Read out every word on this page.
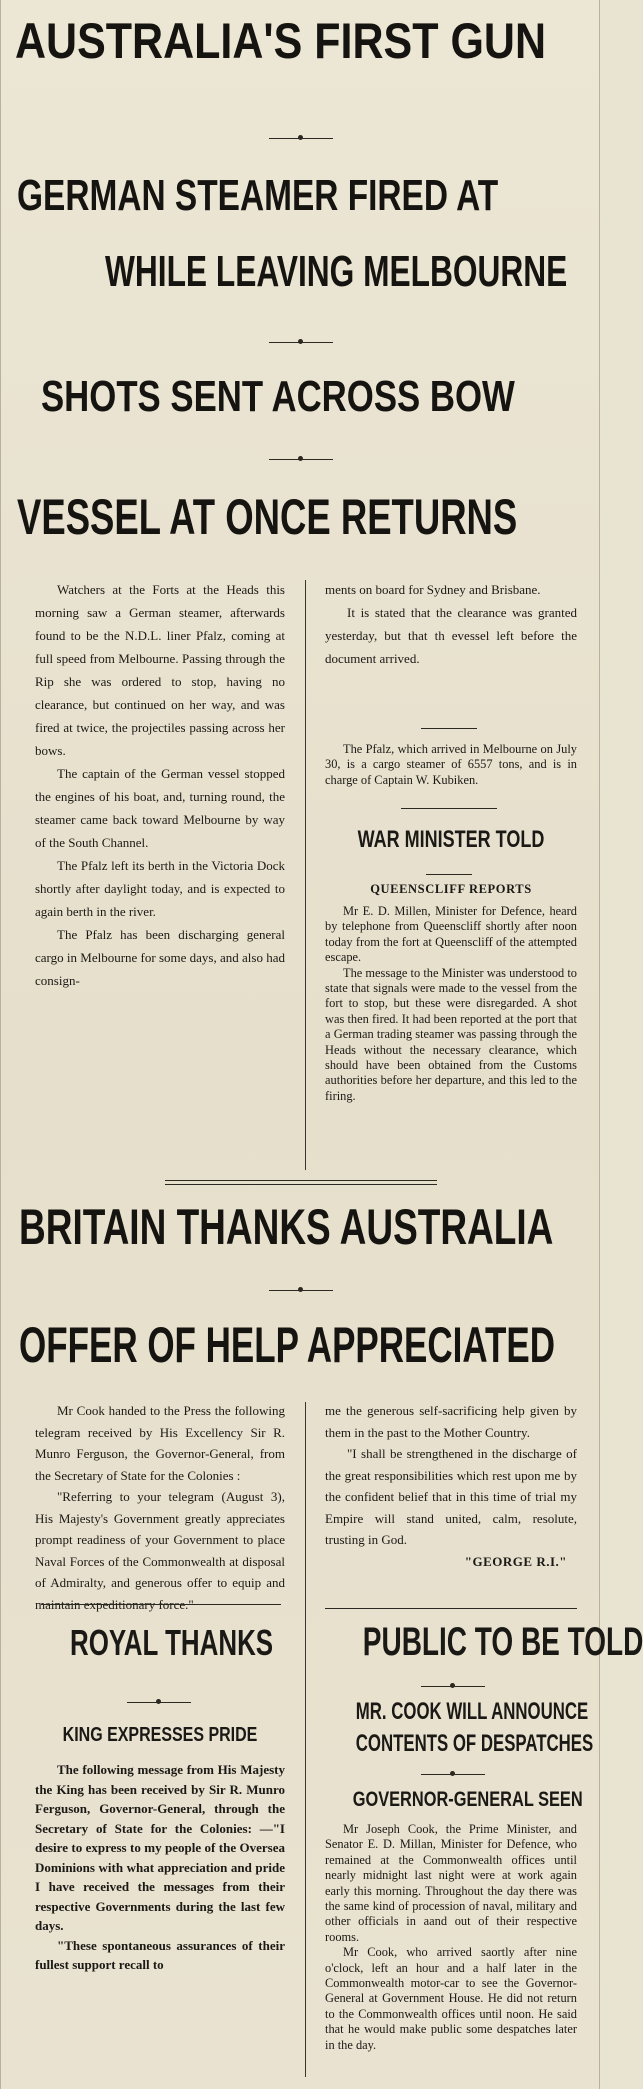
AUSTRALIA'S FIRST GUN
GERMAN STEAMER FIRED AT
WHILE LEAVING MELBOURNE
SHOTS SENT ACROSS BOW
VESSEL AT ONCE RETURNS

Watchers at the Forts at the Heads this morning saw a German steamer, afterwards found to be the N.D.L. liner Pfalz, coming at full speed from Melbourne. Passing through the Rip she was ordered to stop, having no clearance, but continued on her way, and was fired at twice, the projectiles passing across her bows.

The captain of the German vessel stopped the engines of his boat, and, turning round, the steamer came back toward Melbourne by way of the South Channel.

The Pfalz left its berth in the Victoria Dock shortly after daylight today, and is expected to again berth in the river.

The Pfalz has been discharging general cargo in Melbourne for some days, and also had consign-

ments on board for Sydney and Brisbane.

It is stated that the clearance was granted yesterday, but that th evessel left before the document arrived.

The Pfalz, which arrived in Melbourne on July 30, is a cargo steamer of 6557 tons, and is in charge of Captain W. Kubiken.

WAR MINISTER TOLD
QUEENSCLIFF REPORTS

Mr E. D. Millen, Minister for Defence, heard by telephone from Queenscliff shortly after noon today from the fort at Queenscliff of the attempted escape.

The message to the Minister was understood to state that signals were made to the vessel from the fort to stop, but these were disregarded. A shot was then fired. It had been reported at the port that a German trading steamer was passing through the Heads without the necessary clearance, which should have been obtained from the Customs authorities before her departure, and this led to the firing.

BRITAIN THANKS AUSTRALIA
OFFER OF HELP APPRECIATED

Mr Cook handed to the Press the following telegram received by His Excellency Sir R. Munro Ferguson, the Governor-General, from the Secretary of State for the Colonies :

"Referring to your telegram (August 3), His Majesty's Government greatly appreciates prompt readiness of your Government to place Naval Forces of the Commonwealth at disposal of Admiralty, and generous offer to equip and maintain expeditionary force."

me the generous self-sacrificing help given by them in the past to the Mother Country.

"I shall be strengthened in the discharge of the great responsibilities which rest upon me by the confident belief that in this time of trial my Empire will stand united, calm, resolute, trusting in God.

"GEORGE R.I."

ROYAL THANKS
KING EXPRESSES PRIDE

The following message from His Majesty the King has been received by Sir R. Munro Ferguson, Governor-General, through the Secretary of State for the Colonies: —"I desire to express to my people of the Oversea Dominions with what appreciation and pride I have received the messages from their respective Governments during the last few days.

"These spontaneous assurances of their fullest support recall to

PUBLIC TO BE TOLD
MR. COOK WILL ANNOUNCE
CONTENTS OF DESPATCHES
GOVERNOR-GENERAL SEEN

Mr Joseph Cook, the Prime Minister, and Senator E. D. Millan, Minister for Defence, who remained at the Commonwealth offices until nearly midnight last night were at work again early this morning. Throughout the day there was the same kind of procession of naval, military and other officials in aand out of their respective rooms.

Mr Cook, who arrived saortly after nine o'clock, left an hour and a half later in the Commonwealth motor-car to see the Governor-General at Government House. He did not return to the Commonwealth offices until noon. He said that he would make public some despatches later in the day.
